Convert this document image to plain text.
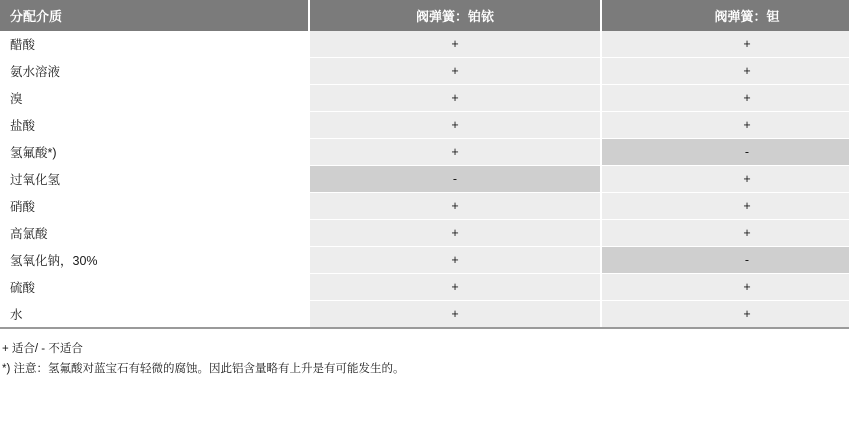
分配介质	阀弹簧：铂铱	阀弹簧：钽
醋酸	+	+
氨水溶液	+	+
溴	+	+
盐酸	+	+
氢氟酸*)	+	-
过氧化氢	-	+
硝酸	+	+
高氯酸	+	+
氢氧化钠，30%	+	-
硫酸	+	+
水	+	+
+ 适合/ - 不适合
*) 注意：氢氟酸对蓝宝石有轻微的腐蚀。因此铝含量略有上升是有可能发生的。
